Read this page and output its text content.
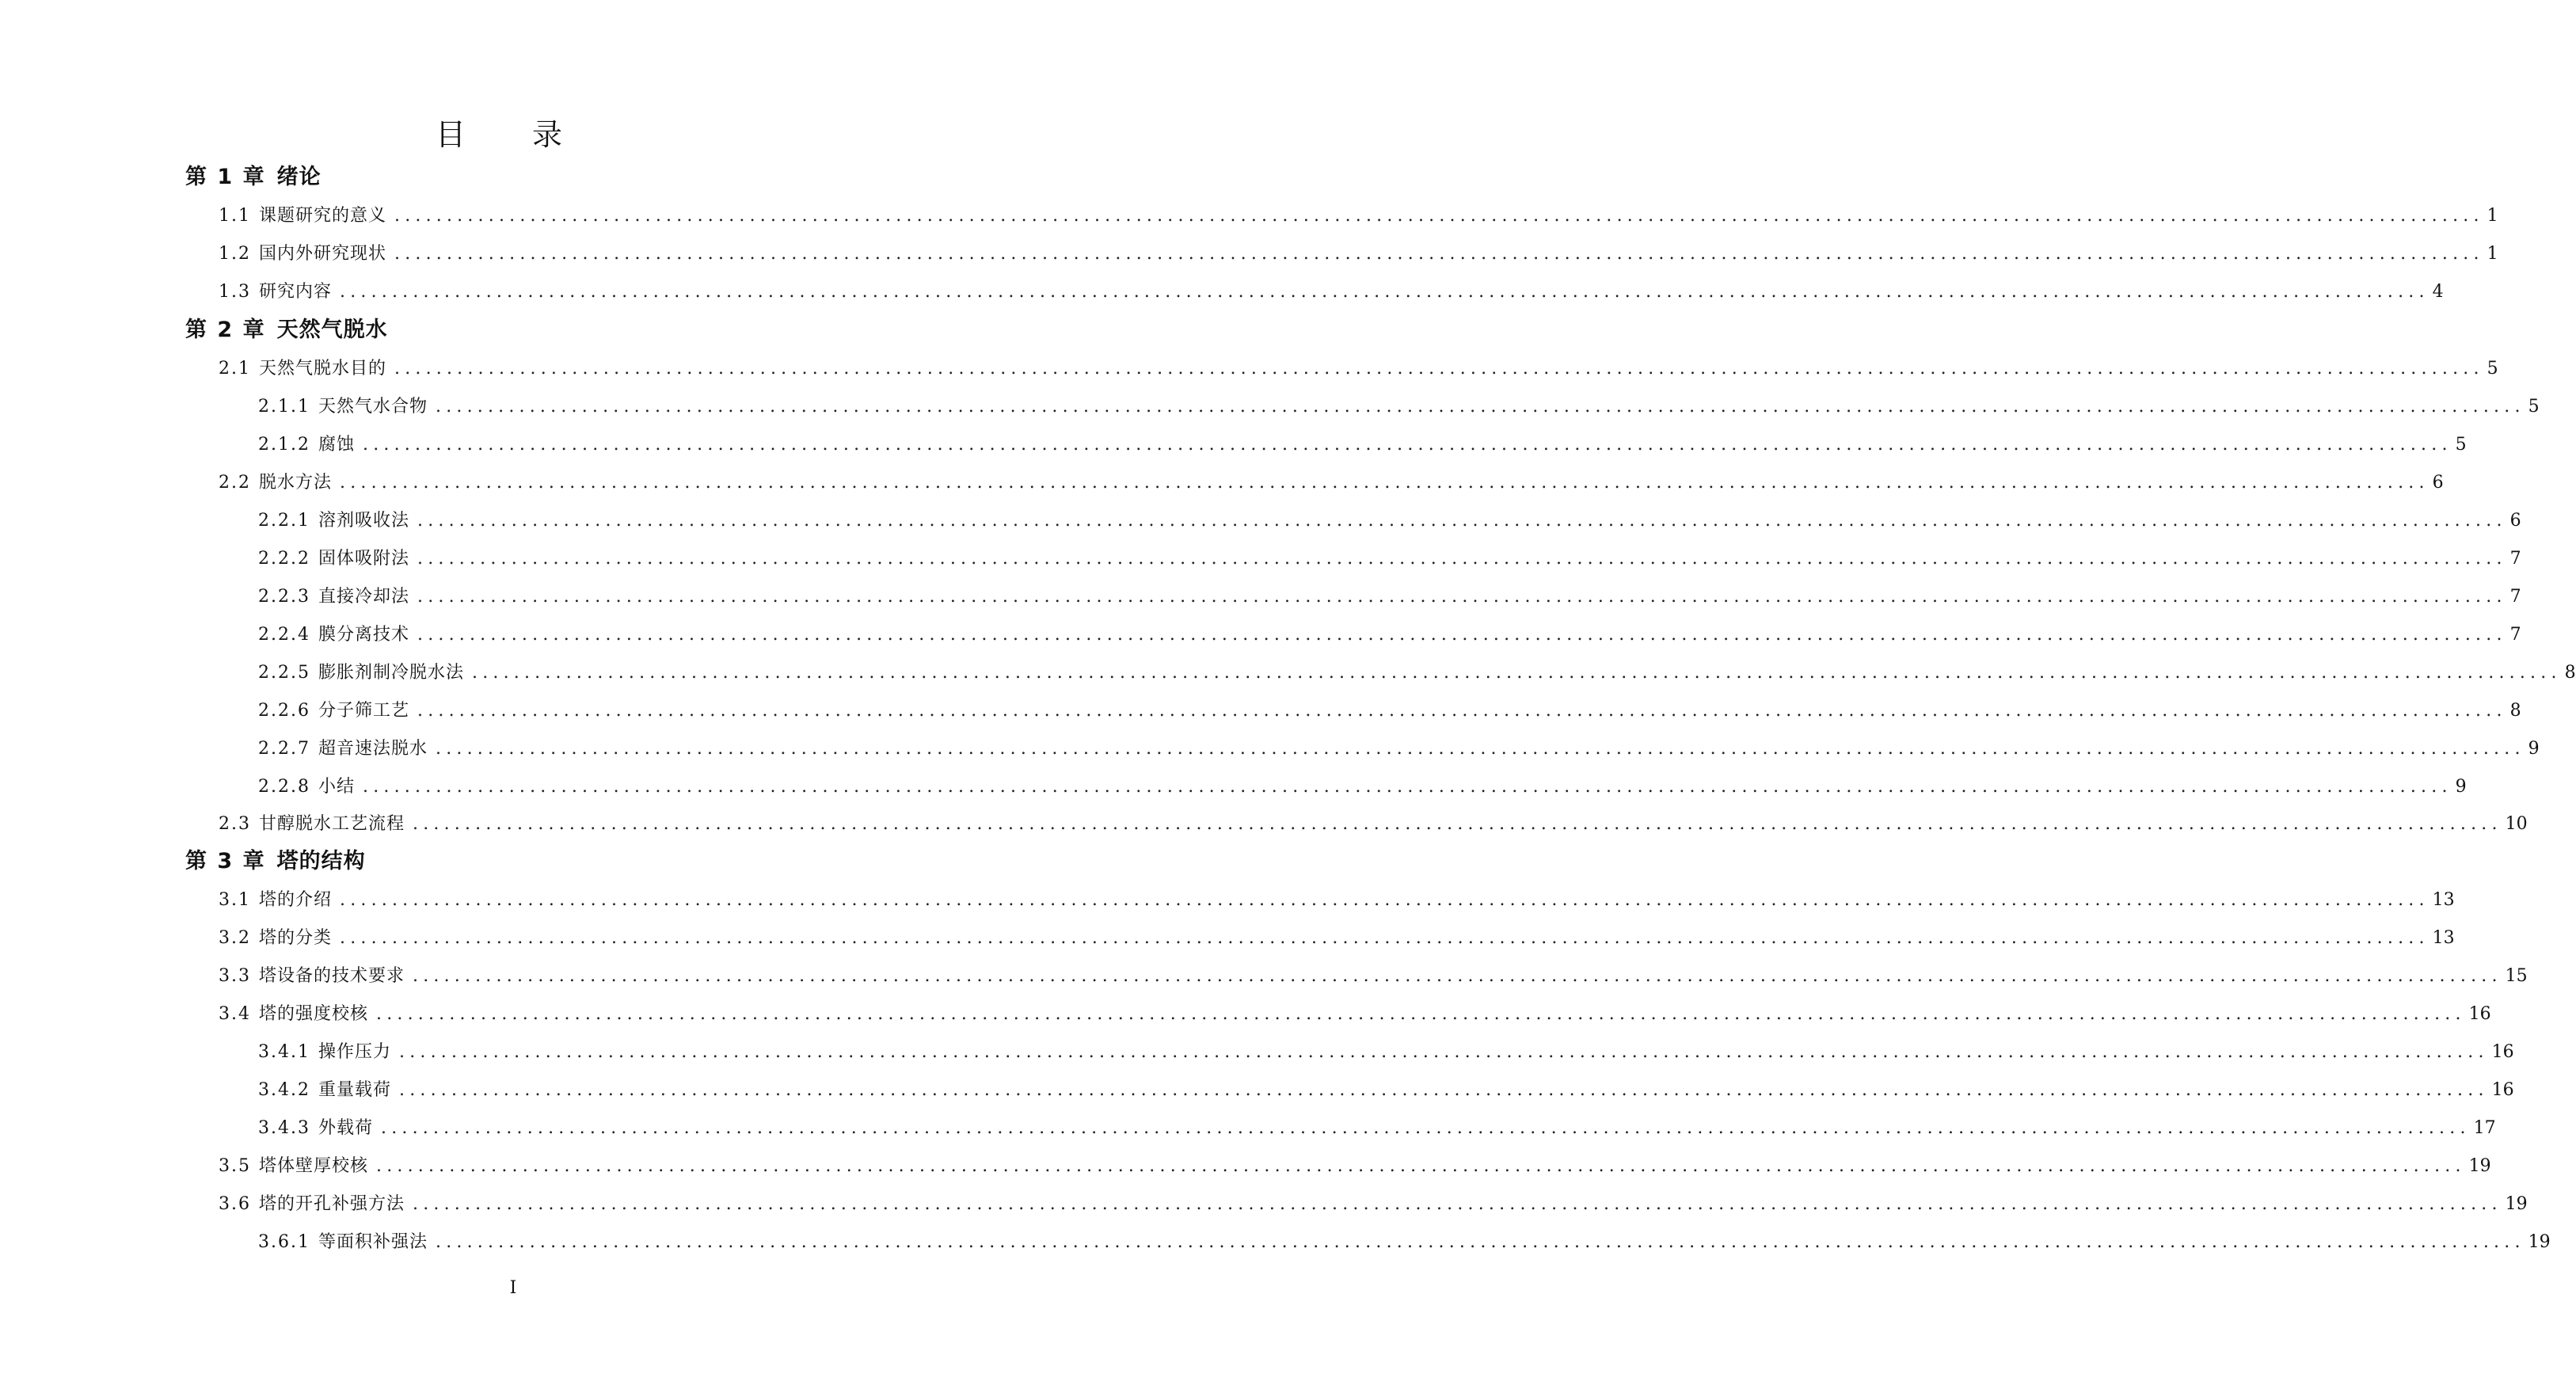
目 录
第 1 章 绪论
1.1 课题研究的意义 ........................................................................................................................................................................................................ 1
1.2 国内外研究现状 ........................................................................................................................................................................................................ 1
1.3 研究内容 ........................................................................................................................................................................................................ 4
第 2 章 天然气脱水
2.1 天然气脱水目的 ........................................................................................................................................................................................................ 5
2.1.1 天然气水合物 ........................................................................................................................................................................................................ 5
2.1.2 腐蚀 ........................................................................................................................................................................................................ 5
2.2 脱水方法 ........................................................................................................................................................................................................ 6
2.2.1 溶剂吸收法 ........................................................................................................................................................................................................ 6
2.2.2 固体吸附法 ........................................................................................................................................................................................................ 7
2.2.3 直接冷却法 ........................................................................................................................................................................................................ 7
2.2.4 膜分离技术 ........................................................................................................................................................................................................ 7
2.2.5 膨胀剂制冷脱水法 ........................................................................................................................................................................................................ 8
2.2.6 分子筛工艺 ........................................................................................................................................................................................................ 8
2.2.7 超音速法脱水 ........................................................................................................................................................................................................ 9
2.2.8 小结 ........................................................................................................................................................................................................ 9
2.3 甘醇脱水工艺流程 ........................................................................................................................................................................................................ 10
第 3 章 塔的结构
3.1 塔的介绍 ........................................................................................................................................................................................................ 13
3.2 塔的分类 ........................................................................................................................................................................................................ 13
3.3 塔设备的技术要求 ........................................................................................................................................................................................................ 15
3.4 塔的强度校核 ........................................................................................................................................................................................................ 16
3.4.1 操作压力 ........................................................................................................................................................................................................ 16
3.4.2 重量载荷 ........................................................................................................................................................................................................ 16
3.4.3 外载荷 ........................................................................................................................................................................................................ 17
3.5 塔体壁厚校核 ........................................................................................................................................................................................................ 19
3.6 塔的开孔补强方法 ........................................................................................................................................................................................................ 19
3.6.1 等面积补强法 ........................................................................................................................................................................................................ 19
I
